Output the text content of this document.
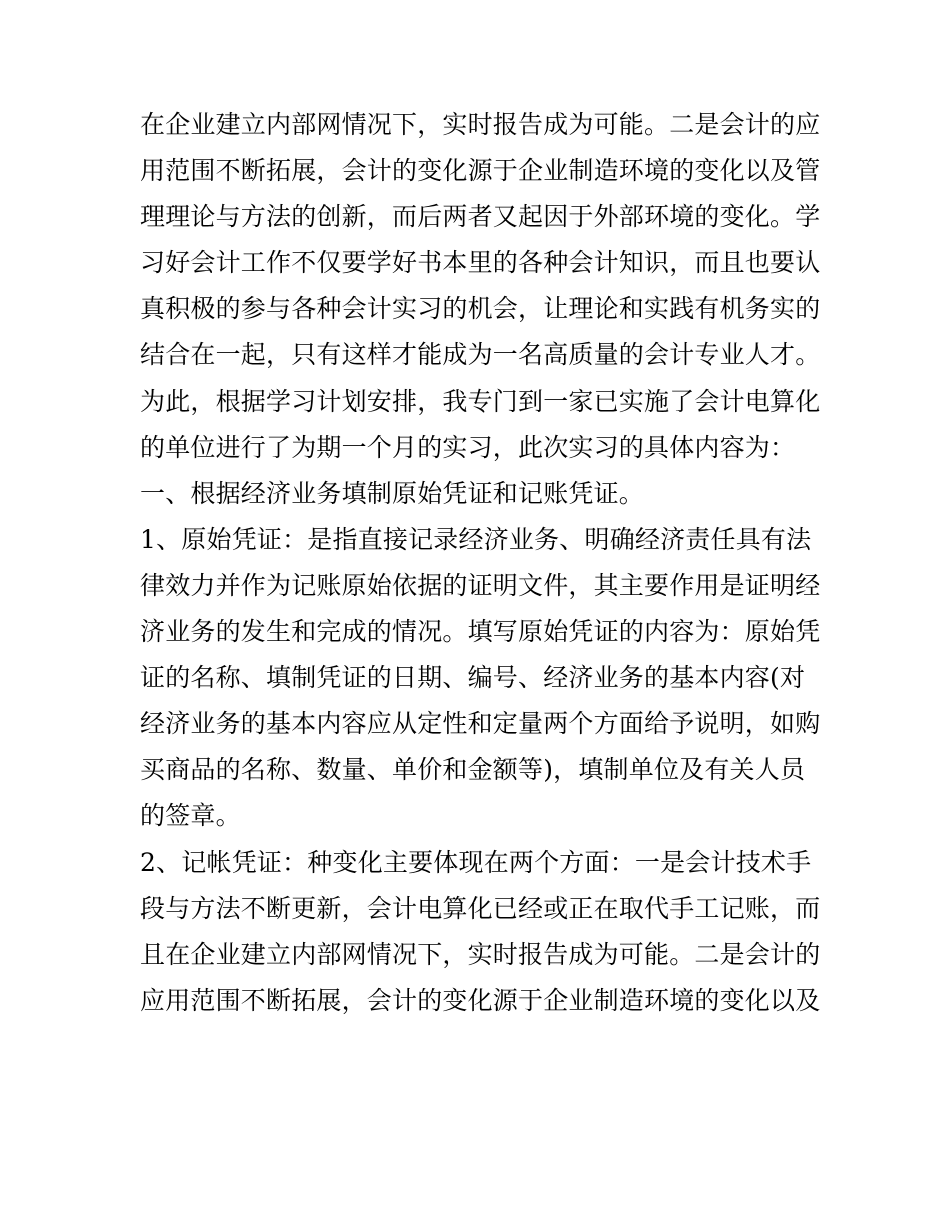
在企业建立内部网情况下，实时报告成为可能。二是会计的应
用范围不断拓展，会计的变化源于企业制造环境的变化以及管
理理论与方法的创新，而后两者又起因于外部环境的变化。学
习好会计工作不仅要学好书本里的各种会计知识，而且也要认
真积极的参与各种会计实习的机会，让理论和实践有机务实的
结合在一起，只有这样才能成为一名高质量的会计专业人才。
为此，根据学习计划安排，我专门到一家已实施了会计电算化
的单位进行了为期一个月的实习，此次实习的具体内容为：
一、根据经济业务填制原始凭证和记账凭证。
1、原始凭证：是指直接记录经济业务、明确经济责任具有法
律效力并作为记账原始依据的证明文件，其主要作用是证明经
济业务的发生和完成的情况。填写原始凭证的内容为：原始凭
证的名称、填制凭证的日期、编号、经济业务的基本内容(对
经济业务的基本内容应从定性和定量两个方面给予说明，如购
买商品的名称、数量、单价和金额等)，填制单位及有关人员
的签章。
2、记帐凭证：种变化主要体现在两个方面：一是会计技术手
段与方法不断更新，会计电算化已经或正在取代手工记账，而
且在企业建立内部网情况下，实时报告成为可能。二是会计的
应用范围不断拓展，会计的变化源于企业制造环境的变化以及
